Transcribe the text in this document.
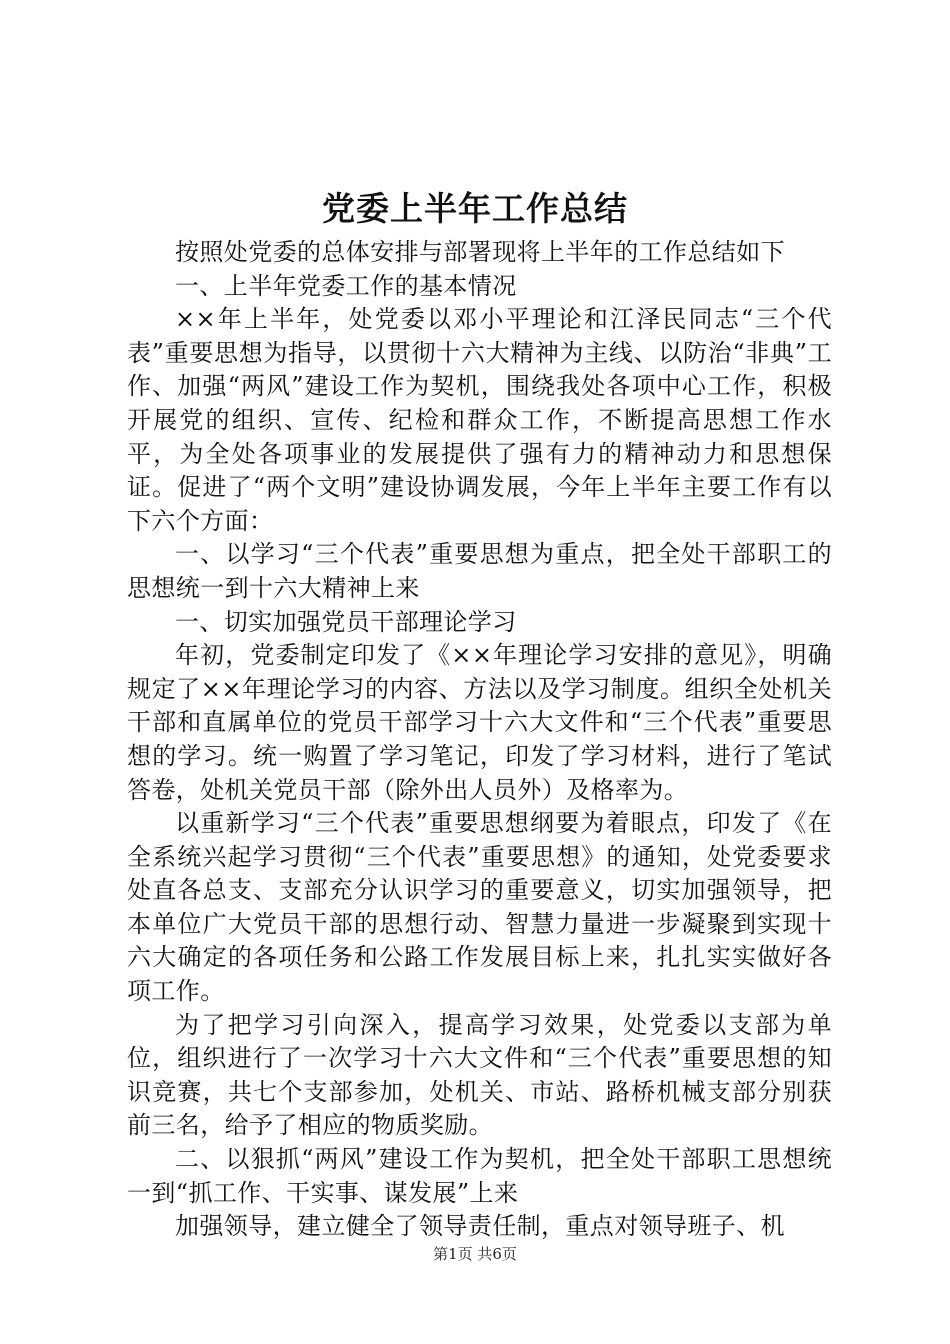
党委上半年工作总结

按照处党委的总体安排与部署现将上半年的工作总结如下

一、上半年党委工作的基本情况

××年上半年，处党委以邓小平理论和江泽民同志“三个代表”重要思想为指导，以贯彻十六大精神为主线、以防治“非典”工作、加强“两风”建设工作为契机，围绕我处各项中心工作，积极开展党的组织、宣传、纪检和群众工作，不断提高思想工作水平，为全处各项事业的发展提供了强有力的精神动力和思想保证。促进了“两个文明”建设协调发展，今年上半年主要工作有以下六个方面：

一、以学习“三个代表”重要思想为重点，把全处干部职工的思想统一到十六大精神上来

一、切实加强党员干部理论学习

年初，党委制定印发了《××年理论学习安排的意见》，明确规定了××年理论学习的内容、方法以及学习制度。组织全处机关干部和直属单位的党员干部学习十六大文件和“三个代表”重要思想的学习。统一购置了学习笔记，印发了学习材料，进行了笔试答卷，处机关党员干部（除外出人员外）及格率为。

以重新学习“三个代表”重要思想纲要为着眼点，印发了《在全系统兴起学习贯彻“三个代表”重要思想》的通知，处党委要求处直各总支、支部充分认识学习的重要意义，切实加强领导，把本单位广大党员干部的思想行动、智慧力量进一步凝聚到实现十六大确定的各项任务和公路工作发展目标上来，扎扎实实做好各项工作。

为了把学习引向深入，提高学习效果，处党委以支部为单位，组织进行了一次学习十六大文件和“三个代表”重要思想的知识竞赛，共七个支部参加，处机关、市站、路桥机械支部分别获前三名，给予了相应的物质奖励。

二、以狠抓“两风”建设工作为契机，把全处干部职工思想统一到“抓工作、干实事、谋发展”上来

加强领导，建立健全了领导责任制，重点对领导班子、机

第1页 共6页
